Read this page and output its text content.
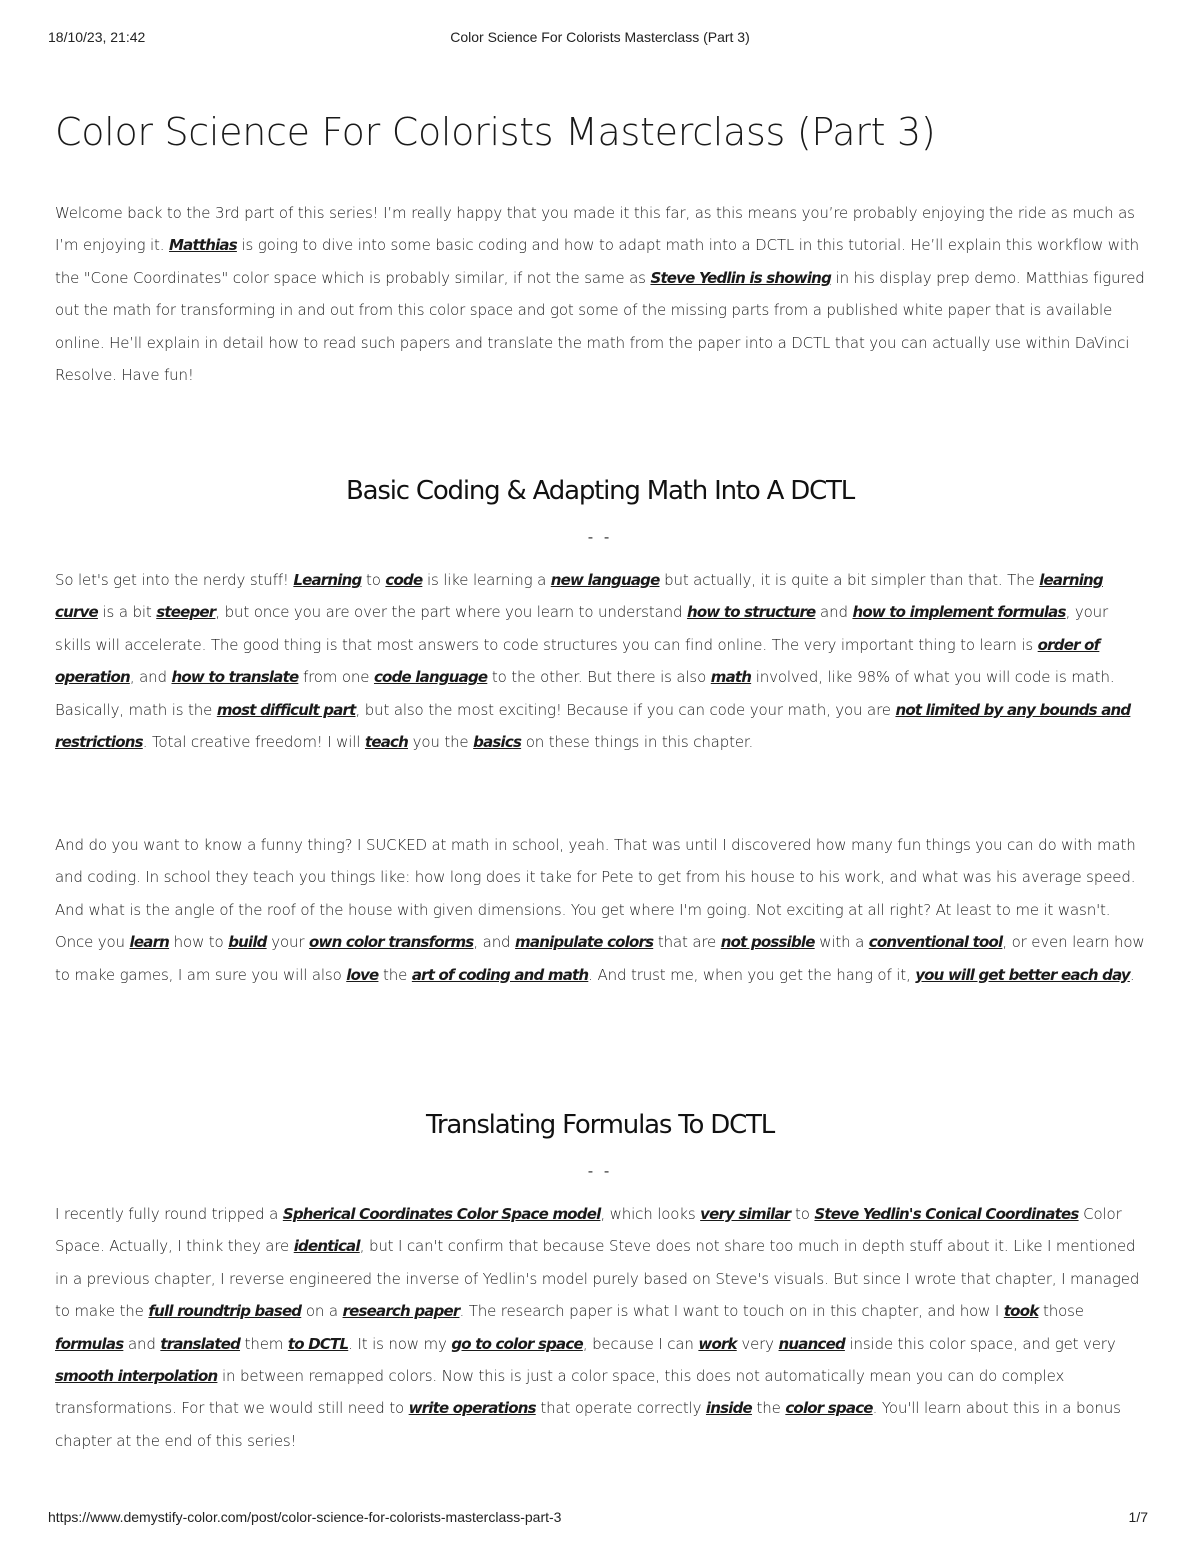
18/10/23, 21:42	Color Science For Colorists Masterclass (Part 3)
Color Science For Colorists Masterclass (Part 3)

Welcome back to the 3rd part of this series! I’m really happy that you made it this far, as this means you’re probably enjoying the ride as much as I’m enjoying it. Matthias is going to dive into some basic coding and how to adapt math into a DCTL in this tutorial. He’ll explain this workflow with the "Cone Coordinates" color space which is probably similar, if not the same as Steve Yedlin is showing in his display prep demo. Matthias figured out the math for transforming in and out from this color space and got some of the missing parts from a published white paper that is available online. He’ll explain in detail how to read such papers and translate the math from the paper into a DCTL that you can actually use within DaVinci Resolve. Have fun!

Basic Coding & Adapting Math Into A DCTL
- -

So let's get into the nerdy stuff! Learning to code is like learning a new language but actually, it is quite a bit simpler than that. The learning curve is a bit steeper, but once you are over the part where you learn to understand how to structure and how to implement formulas, your skills will accelerate. The good thing is that most answers to code structures you can find online. The very important thing to learn is order of operation, and how to translate from one code language to the other. But there is also math involved, like 98% of what you will code is math. Basically, math is the most difficult part, but also the most exciting! Because if you can code your math, you are not limited by any bounds and restrictions. Total creative freedom! I will teach you the basics on these things in this chapter.

And do you want to know a funny thing? I SUCKED at math in school, yeah. That was until I discovered how many fun things you can do with math and coding. In school they teach you things like: how long does it take for Pete to get from his house to his work, and what was his average speed. And what is the angle of the roof of the house with given dimensions. You get where I'm going. Not exciting at all right? At least to me it wasn't. Once you learn how to build your own color transforms, and manipulate colors that are not possible with a conventional tool, or even learn how to make games, I am sure you will also love the art of coding and math. And trust me, when you get the hang of it, you will get better each day.

Translating Formulas To DCTL
- -

I recently fully round tripped a Spherical Coordinates Color Space model, which looks very similar to Steve Yedlin's Conical Coordinates Color Space. Actually, I think they are identical, but I can't confirm that because Steve does not share too much in depth stuff about it. Like I mentioned in a previous chapter, I reverse engineered the inverse of Yedlin's model purely based on Steve's visuals. But since I wrote that chapter, I managed to make the full roundtrip based on a research paper. The research paper is what I want to touch on in this chapter, and how I took those formulas and translated them to DCTL. It is now my go to color space, because I can work very nuanced inside this color space, and get very smooth interpolation in between remapped colors. Now this is just a color space, this does not automatically mean you can do complex transformations. For that we would still need to write operations that operate correctly inside the color space. You'll learn about this in a bonus chapter at the end of this series!

https://www.demystify-color.com/post/color-science-for-colorists-masterclass-part-3	1/7
